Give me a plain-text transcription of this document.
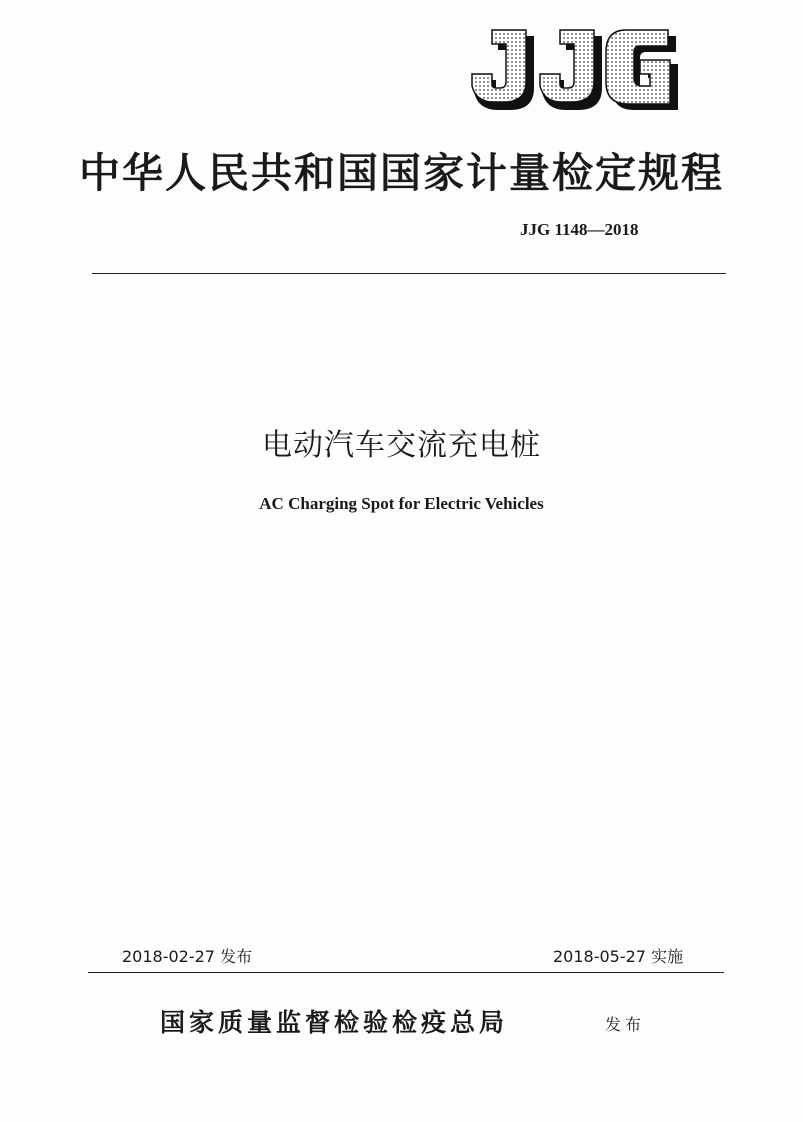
中华人民共和国国家计量检定规程
JJG 1148—2018
电动汽车交流充电桩
AC Charging Spot for Electric Vehicles
2018-02-27 发布	2018-05-27 实施
国家质量监督检验检疫总局	发布
